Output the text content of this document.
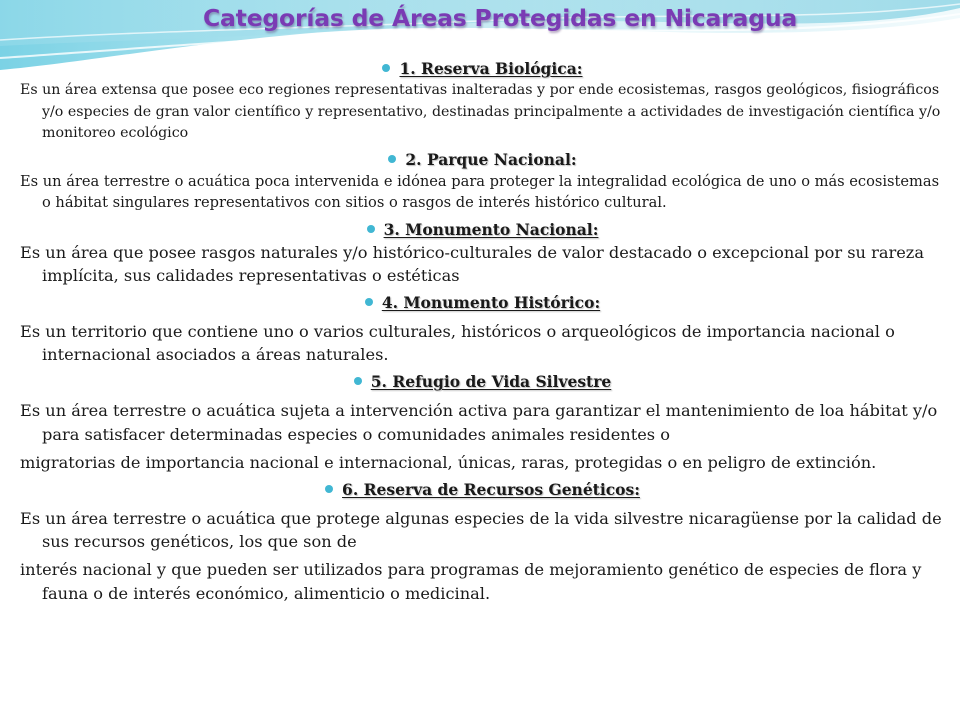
Categorías de Áreas Protegidas en Nicaragua

1. Reserva Biológica:

Es un área extensa que posee eco regiones representativas inalteradas y por ende ecosistemas, rasgos geológicos, fisiográficos y/o especies de gran valor científico y representativo, destinadas principalmente a actividades de investigación científica y/o monitoreo ecológico

2. Parque Nacional:

Es un área terrestre o acuática poca intervenida e idónea para proteger la integralidad ecológica de uno o más ecosistemas o hábitat singulares representativos con sitios o rasgos de interés histórico cultural.

3. Monumento Nacional:

Es un área que posee rasgos naturales y/o histórico-culturales de valor destacado o excepcional por su rareza implícita, sus calidades representativas o estéticas

4. Monumento Histórico:

Es un territorio que contiene uno o varios culturales, históricos o arqueológicos de importancia nacional o internacional asociados a áreas naturales.

5. Refugio de Vida Silvestre

Es un área terrestre o acuática sujeta a intervención activa para garantizar el mantenimiento de loa hábitat y/o para satisfacer determinadas especies o comunidades animales residentes o

migratorias de importancia nacional e internacional, únicas, raras, protegidas o en peligro de extinción.

6. Reserva de Recursos Genéticos:

Es un área terrestre o acuática que protege algunas especies de la vida silvestre nicaragüense por la calidad de sus recursos genéticos, los que son de

interés nacional y que pueden ser utilizados para programas de mejoramiento genético de especies de flora y fauna o de interés económico, alimenticio o medicinal.
